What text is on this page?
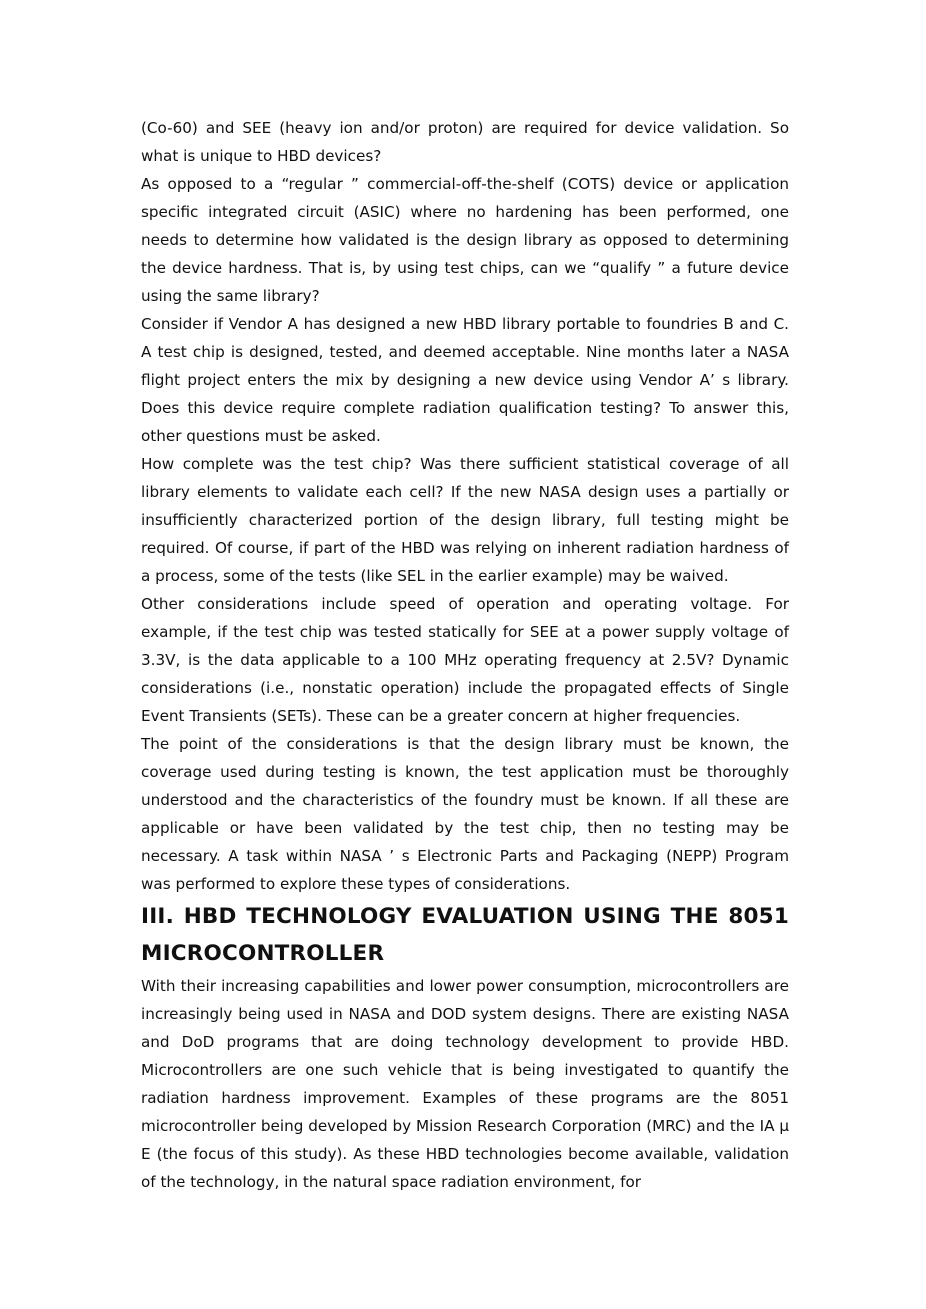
(Co-60) and SEE (heavy ion and/or proton) are required for device validation. So what is unique to HBD devices?

As opposed to a “regular ” commercial-off-the-shelf (COTS) device or application specific integrated circuit (ASIC) where no hardening has been performed, one needs to determine how validated is the design library as opposed to determining the device hardness. That is, by using test chips, can we “qualify ” a future device using the same library?

Consider if Vendor A has designed a new HBD library portable to foundries B and C. A test chip is designed, tested, and deemed acceptable. Nine months later a NASA flight project enters the mix by designing a new device using Vendor A’ s library. Does this device require complete radiation qualification testing? To answer this, other questions must be asked.

How complete was the test chip? Was there sufficient statistical coverage of all library elements to validate each cell? If the new NASA design uses a partially or insufficiently characterized portion of the design library, full testing might be required. Of course, if part of the HBD was relying on inherent radiation hardness of a process, some of the tests (like SEL in the earlier example) may be waived.

Other considerations include speed of operation and operating voltage. For example, if the test chip was tested statically for SEE at a power supply voltage of 3.3V, is the data applicable to a 100 MHz operating frequency at 2.5V? Dynamic considerations (i.e., nonstatic operation) include the propagated effects of Single Event Transients (SETs). These can be a greater concern at higher frequencies.

The point of the considerations is that the design library must be known, the coverage used during testing is known, the test application must be thoroughly understood and the characteristics of the foundry must be known. If all these are applicable or have been validated by the test chip, then no testing may be necessary. A task within NASA ’ s Electronic Parts and Packaging (NEPP) Program was performed to explore these types of considerations.

III. HBD TECHNOLOGY EVALUATION USING THE 8051 MICROCONTROLLER

With their increasing capabilities and lower power consumption, microcontrollers are increasingly being used in NASA and DOD system designs. There are existing NASA and DoD programs that are doing technology development to provide HBD. Microcontrollers are one such vehicle that is being investigated to quantify the radiation hardness improvement. Examples of these programs are the 8051 microcontroller being developed by Mission Research Corporation (MRC) and the IA μ E (the focus of this study). As these HBD technologies become available, validation of the technology, in the natural space radiation environment, for
